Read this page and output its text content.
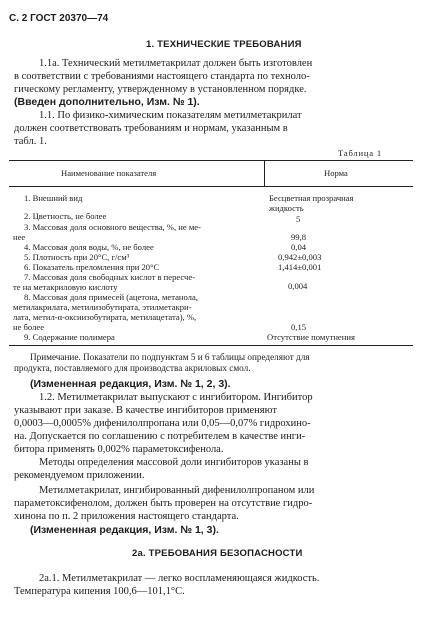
С. 2 ГОСТ 20370—74
1. ТЕХНИЧЕСКИЕ ТРЕБОВАНИЯ
1.1а. Технический метилметакрилат должен быть изготовлен
в соответствии с требованиями настоящего стандарта по техноло-
гическому регламенту, утвержденному в установленном порядке.
(Введен дополнительно, Изм. № 1).
1.1. По физико-химическим показателям метилметакрилат
должен соответствовать требованиям и нормам, указанным в
табл. 1.
Таблица 1
Наименование показателя	Норма
1. Внешний вид
2. Цветность, не более
3. Массовая доля основного вещества, %, не ме-
нее
4. Массовая доля воды, %, не более
5. Плотность при 20°С, г/см³
6. Показатель преломления при 20°С
7. Массовая доля свободных кислот в пересче-
те на метакриловую кислоту
8. Массовая доля примесей (ацетона, метанола,
метилакрилата, метилизобутирата, этилметакри-
лата, метил-α-оксиизобутирата, метилацетата), %,
не более
9. Содержание полимера
Бесцветная прозрачная
жидкость
5
99,8
0,04
0,942±0,003
1,414±0,001
0,004
0,15
Отсутствие помутнения
Примечание. Показатели по подпунктам 5 и 6 таблицы определяют для
продукта, поставляемого для производства акриловых смол.
(Измененная редакция, Изм. № 1, 2, 3).
1.2. Метилметакрилат выпускают с ингибитором. Ингибитор
указывают при заказе. В качестве ингибиторов применяют
0,0003—0,0005% дифенилолпропана или 0,05—0,07% гидрохино-
на. Допускается по соглашению с потребителем в качестве инги-
битора применять 0,002% параметоксифенола.
Методы определения массовой доли ингибиторов указаны в
рекомендуемом приложении.
Метилметакрилат, ингибированный дифенилолпропаном или
параметоксифенолом, должен быть проверен на отсутствие гидро-
хинона по п. 2 приложения настоящего стандарта.
(Измененная редакция, Изм. № 1, 3).
2а. ТРЕБОВАНИЯ БЕЗОПАСНОСТИ
2а.1. Метилметакрилат — легко воспламеняющаяся жидкость.
Температура кипения 100,6—101,1°С.
